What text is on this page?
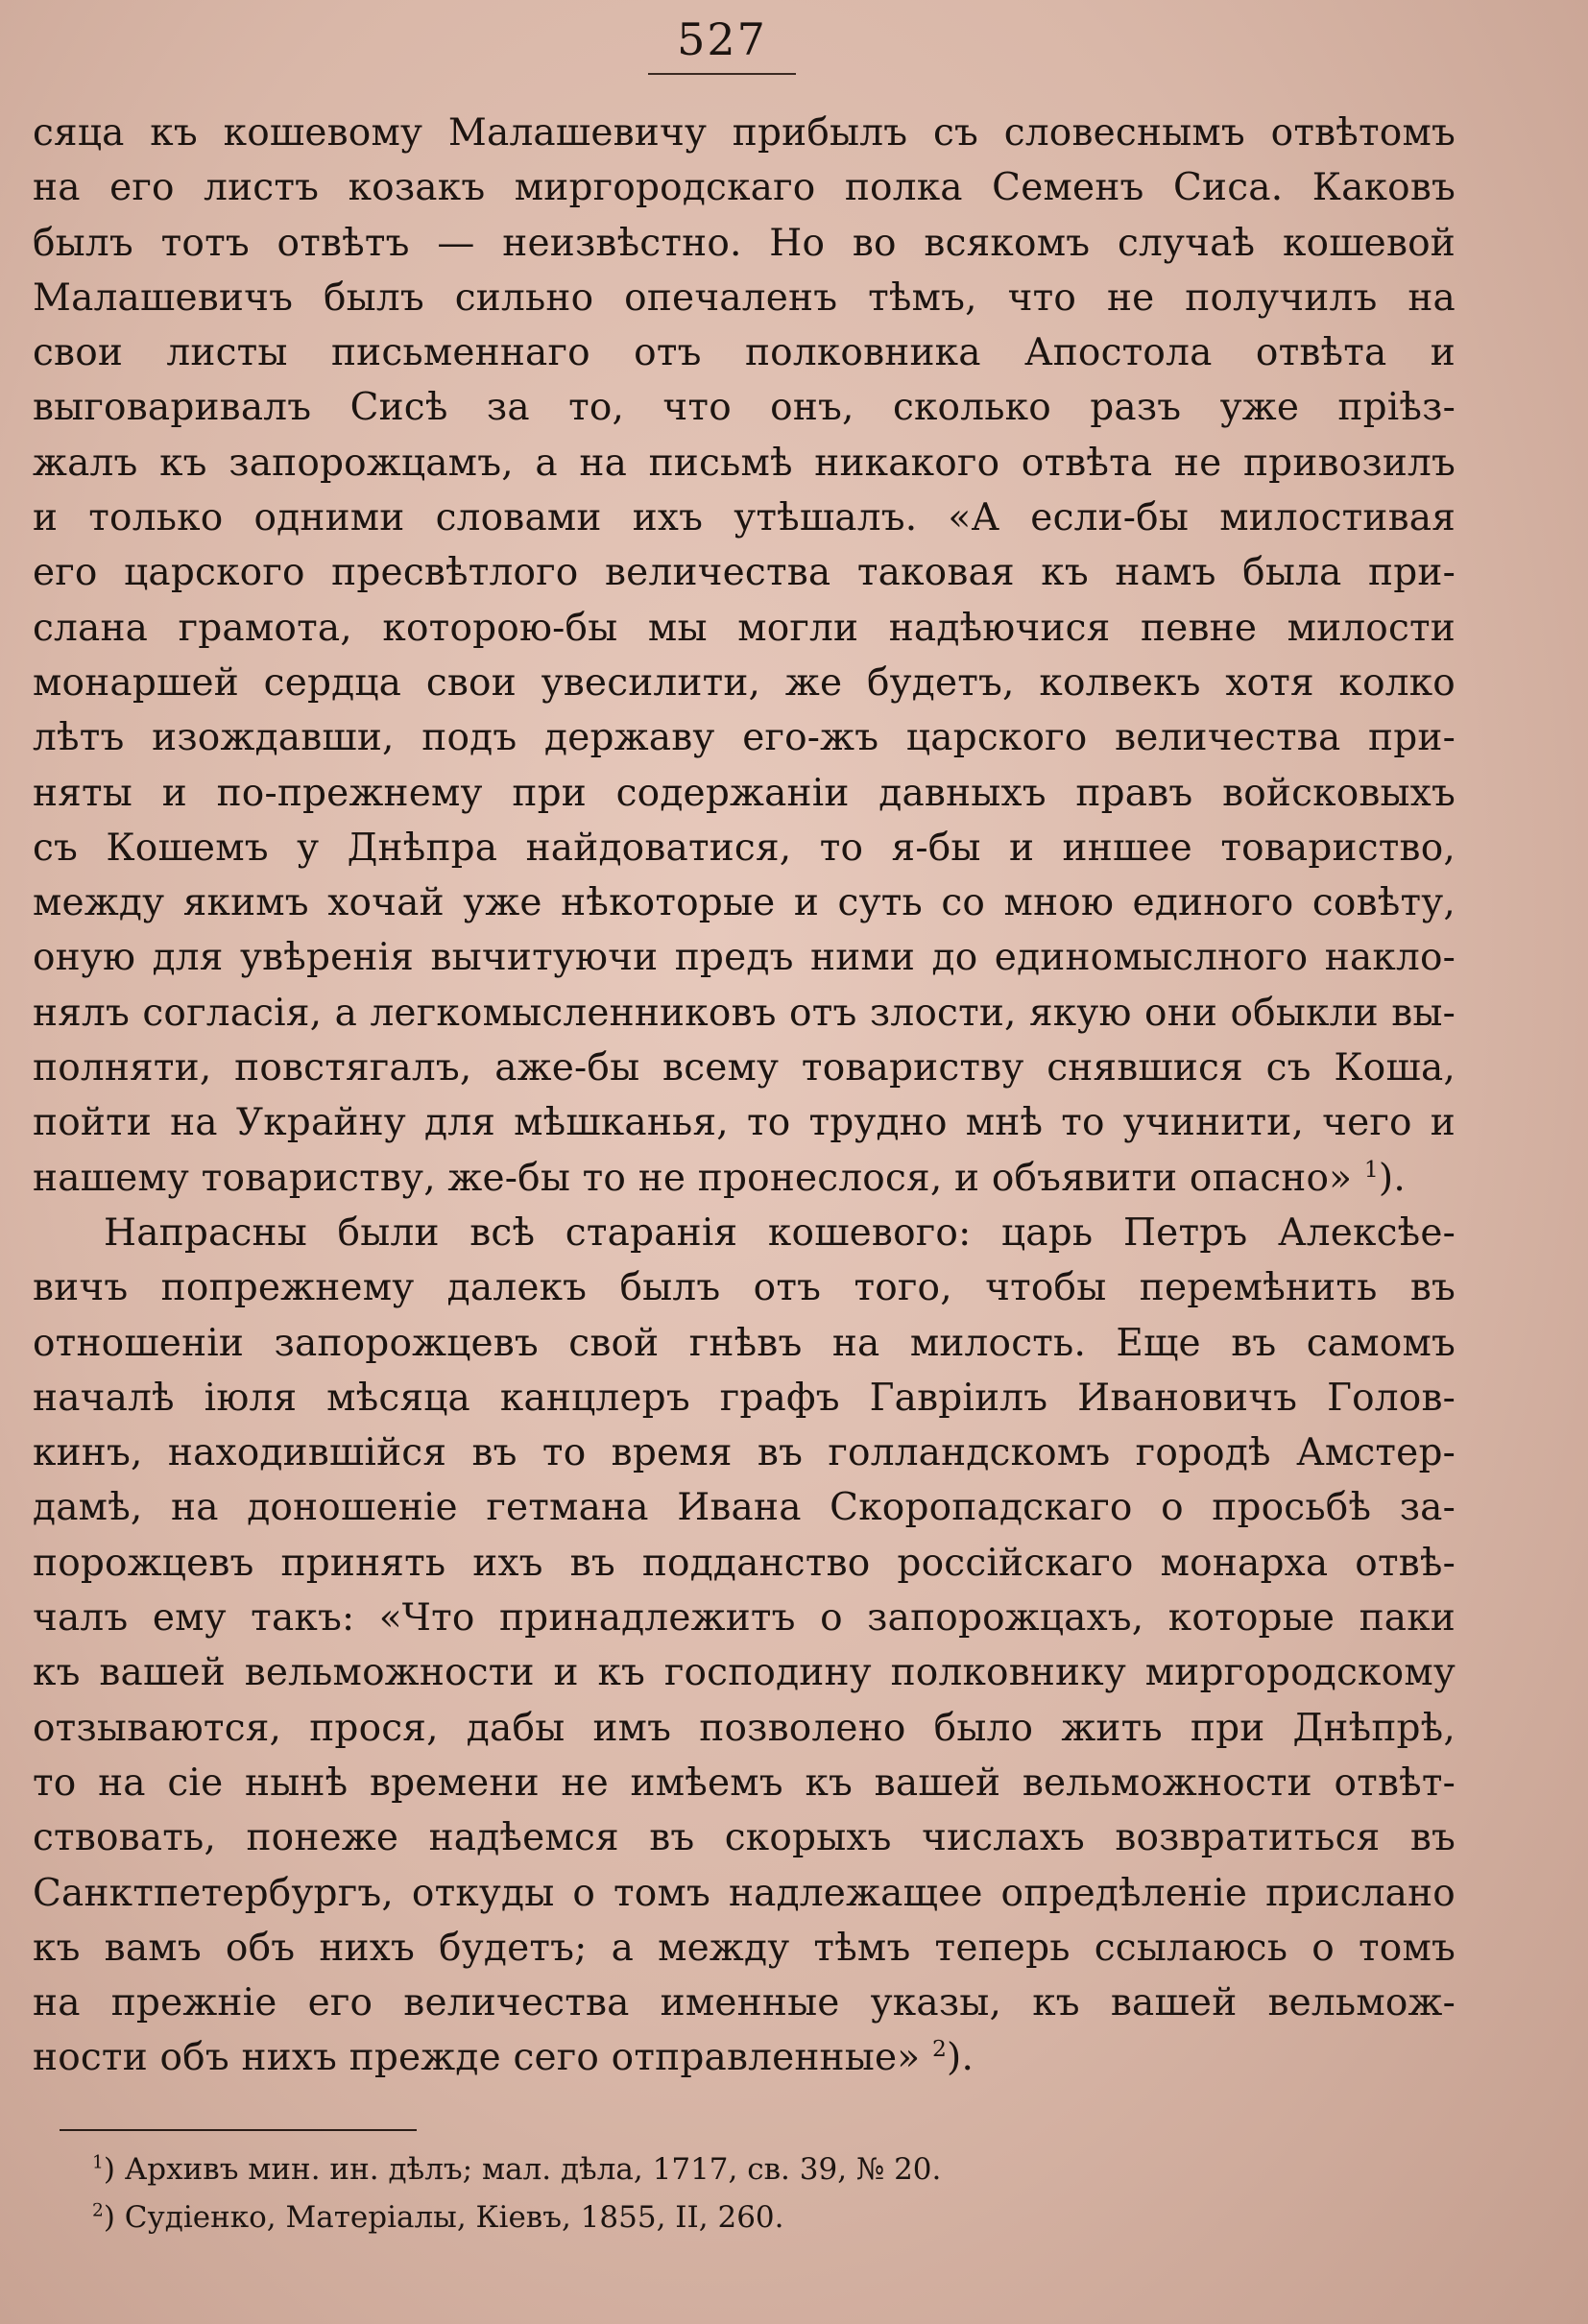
527
сяца къ кошевому Малашевичу прибылъ съ словеснымъ отвѣтомъ
на его листъ козакъ миргородскаго полка Семенъ Сиса. Каковъ
былъ тотъ отвѣтъ — неизвѣстно. Но во всякомъ случаѣ кошевой
Малашевичъ былъ сильно опечаленъ тѣмъ, что не получилъ на
свои листы письменнаго отъ полковника Апостола отвѣта и
выговаривалъ Сисѣ за то, что онъ, сколько разъ уже прiѣз-
жалъ къ запорожцамъ, а на письмѣ никакого отвѣта не привозилъ
и только одними словами ихъ утѣшалъ. «А если-бы милостивая
его царского пресвѣтлого величества таковая къ намъ была при-
слана грамота, которою-бы мы могли надѣючися певне милости
монаршей сердца свои увесилити, же будетъ, колвекъ хотя колко
лѣтъ изождавши, подъ державу его-жъ царского величества при-
няты и по-прежнему при содержанiи давныхъ правъ войсковыхъ
съ Кошемъ у Днѣпра найдоватися, то я-бы и иншее товариство,
между якимъ хочай уже нѣкоторые и суть со мною единого совѣту,
оную для увѣренiя вычитуючи предъ ними до единомыслного накло-
нялъ согласiя, а легкомысленниковъ отъ злости, якую они обыкли вы-
полняти, повстягалъ, аже-бы всему товариству снявшися съ Коша,
пойти на Украйну для мѣшканья, то трудно мнѣ то учинити, чего и
нашему товариству, же-бы то не пронеслося, и объявити опасно» $^1$).
Напрасны были всѣ старанiя кошевого: царь Петръ Алексѣе-
вичъ попрежнему далекъ былъ отъ того, чтобы перемѣнить въ
отношенiи запорожцевъ свой гнѣвъ на милость. Еще въ самомъ
началѣ iюля мѣсяца канцлеръ графъ Гаврiилъ Ивановичъ Голов-
кинъ, находившiйся въ то время въ голландскомъ городѣ Амстер-
дамѣ, на доношенiе гетмана Ивана Скоропадскаго о просьбѣ за-
порожцевъ принять ихъ въ подданство россiйскаго монарха отвѣ-
чалъ ему такъ: «Что принадлежитъ о запорожцахъ, которые паки
къ вашей вельможности и къ господину полковнику миргородскому
отзываются, прося, дабы имъ позволено было жить при Днѣпрѣ,
то на сiе нынѣ времени не имѣемъ къ вашей вельможности отвѣт-
ствовать, понеже надѣемся въ скорыхъ числахъ возвратиться въ
Санктпетербургъ, откуды о томъ надлежащее опредѣленiе прислано
къ вамъ объ нихъ будетъ; а между тѣмъ теперь ссылаюсь о томъ
на прежнiе его величества именные указы, къ вашей вельмож-
ности объ нихъ прежде сего отправленные» $^2$).
$^1$) Архивъ мин. ин. дѣлъ; мал. дѣла, 1717, св. 39, № 20.
$^2$) Судiенко, Матерiалы, Кiевъ, 1855, II, 260.
